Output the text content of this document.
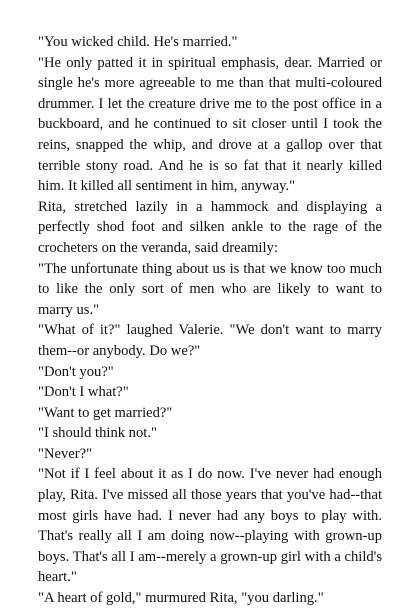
"You wicked child. He's married."

"He only patted it in spiritual emphasis, dear. Married or single he's more agreeable to me than that multi-coloured drummer. I let the creature drive me to the post office in a buckboard, and he continued to sit closer until I took the reins, snapped the whip, and drove at a gallop over that terrible stony road. And he is so fat that it nearly killed him. It killed all sentiment in him, anyway."

Rita, stretched lazily in a hammock and displaying a perfectly shod foot and silken ankle to the rage of the crocheters on the veranda, said dreamily:

"The unfortunate thing about us is that we know too much to like the only sort of men who are likely to want to marry us."

"What of it?" laughed Valerie. "We don't want to marry them--or anybody. Do we?"

"Don't you?"

"Don't I what?"

"Want to get married?"

"I should think not."

"Never?"

"Not if I feel about it as I do now. I've never had enough play, Rita. I've missed all those years that you've had--that most girls have had. I never had any boys to play with. That's really all I am doing now--playing with grown-up boys. That's all I am--merely a grown-up girl with a child's heart."

"A heart of gold," murmured Rita, "you darling."
